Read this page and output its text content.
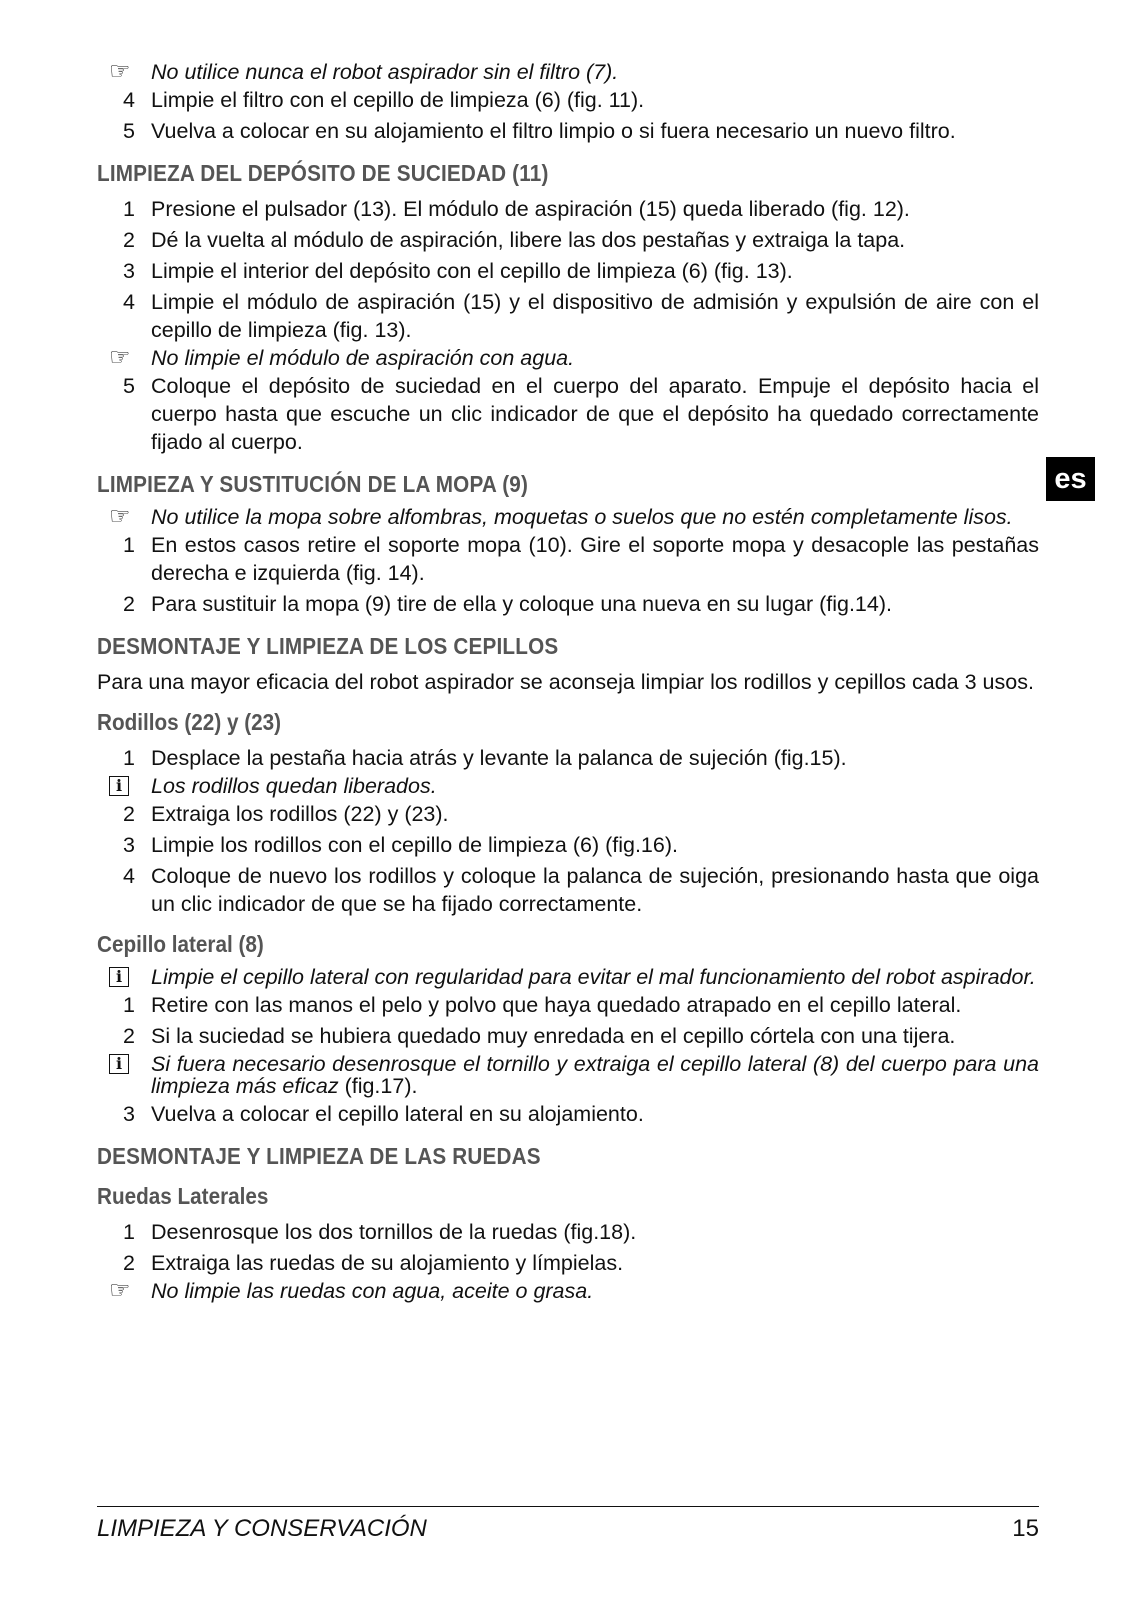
☞ No utilice nunca el robot aspirador sin el filtro (7).
4 Limpie el filtro con el cepillo de limpieza (6) (fig. 11).
5 Vuelva a colocar en su alojamiento el filtro limpio o si fuera necesario un nuevo filtro.
LIMPIEZA DEL DEPÓSITO DE SUCIEDAD (11)
1 Presione el pulsador (13). El módulo de aspiración (15) queda liberado (fig. 12).
2 Dé la vuelta al módulo de aspiración, libere las dos pestañas y extraiga la tapa.
3 Limpie el interior del depósito con el cepillo de limpieza (6) (fig. 13).
4 Limpie el módulo de aspiración (15) y el dispositivo de admisión y expulsión de aire con el cepillo de limpieza (fig. 13).
☞ No limpie el módulo de aspiración con agua.
5 Coloque el depósito de suciedad en el cuerpo del aparato. Empuje el depósito hacia el cuerpo hasta que escuche un clic indicador de que el depósito ha quedado correctamente fijado al cuerpo.
LIMPIEZA Y SUSTITUCIÓN DE LA MOPA (9)
☞ No utilice la mopa sobre alfombras, moquetas o suelos que no estén completamente lisos.
1 En estos casos retire el soporte mopa (10). Gire el soporte mopa y desacople las pestañas derecha e izquierda (fig. 14).
2 Para sustituir la mopa (9) tire de ella y coloque una nueva en su lugar (fig.14).
DESMONTAJE Y LIMPIEZA DE LOS CEPILLOS

Para una mayor eficacia del robot aspirador se aconseja limpiar los rodillos y cepillos cada 3 usos.

Rodillos (22) y (23)
1 Desplace la pestaña hacia atrás y levante la palanca de sujeción (fig.15).
i	Los rodillos quedan liberados.
2 Extraiga los rodillos (22) y (23).
3 Limpie los rodillos con el cepillo de limpieza (6) (fig.16).
4 Coloque de nuevo los rodillos y coloque la palanca de sujeción, presionando hasta que oiga un clic indicador de que se ha fijado correctamente.
Cepillo lateral (8)
i	Limpie el cepillo lateral con regularidad para evitar el mal funcionamiento del robot aspirador.
1 Retire con las manos el pelo y polvo que haya quedado atrapado en el cepillo lateral.
2 Si la suciedad se hubiera quedado muy enredada en el cepillo córtela con una tijera.
i	Si fuera necesario desenrosque el tornillo y extraiga el cepillo lateral (8) del cuerpo para una limpieza más eficaz (fig.17).
3 Vuelva a colocar el cepillo lateral en su alojamiento.
DESMONTAJE Y LIMPIEZA DE LAS RUEDAS
Ruedas Laterales
1 Desenrosque los dos tornillos de la ruedas (fig.18).
2 Extraiga las ruedas de su alojamiento y límpielas.
☞ No limpie las ruedas con agua, aceite o grasa.
es
LIMPIEZA Y CONSERVACIÓN	15
